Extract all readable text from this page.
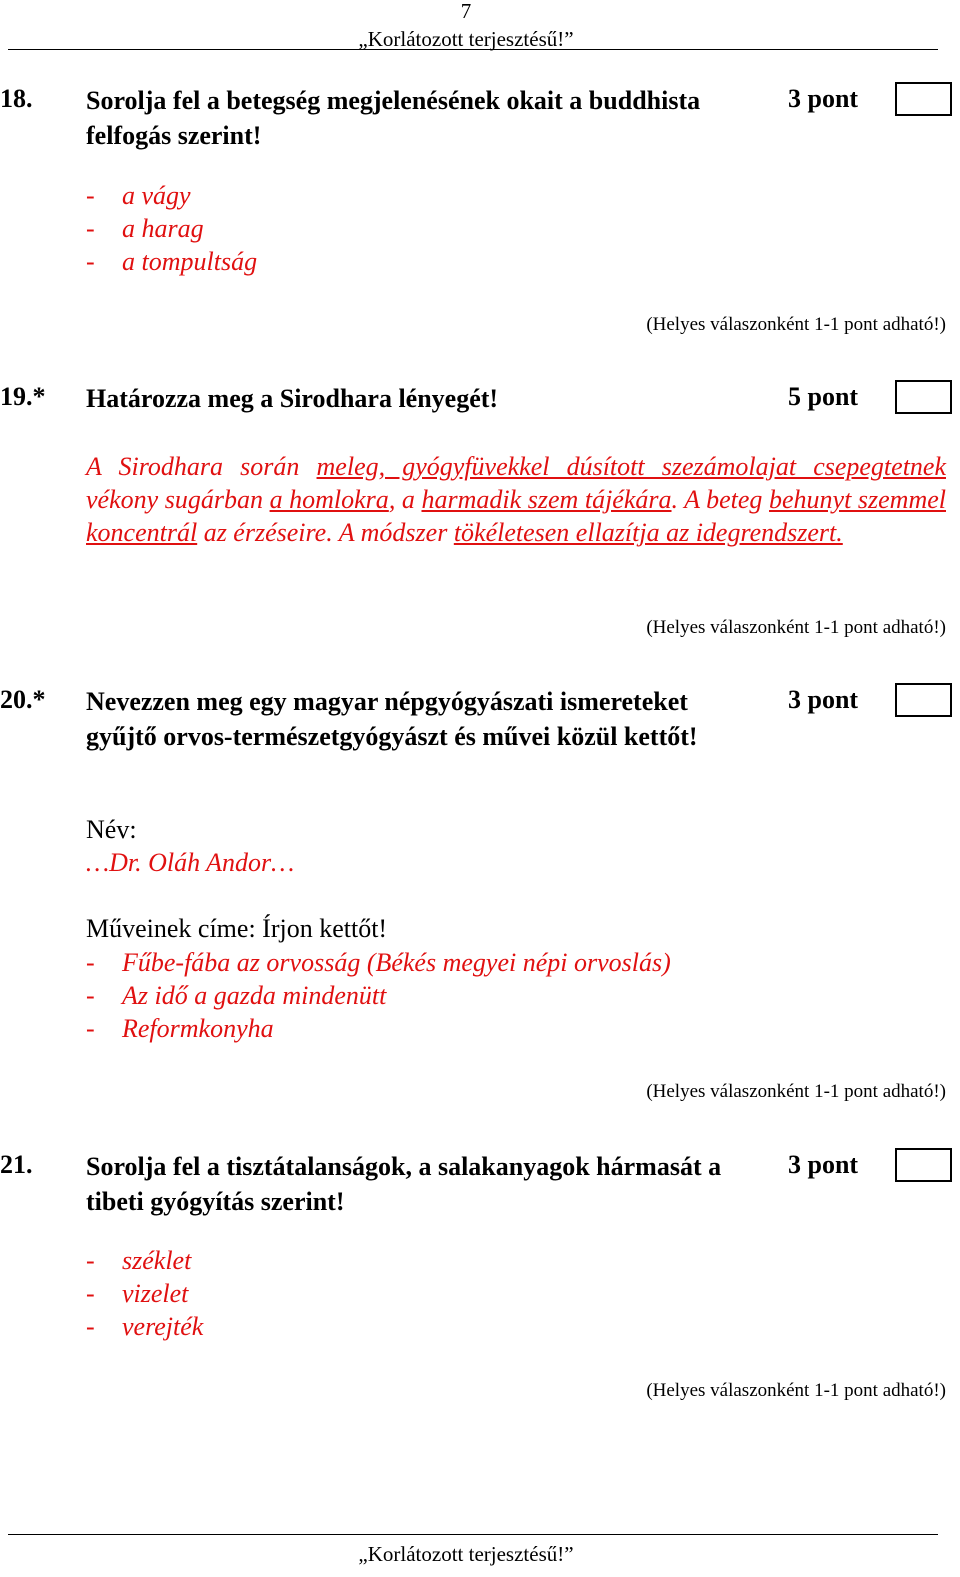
7
„Korlátozott terjesztésű!”
18. Sorolja fel a betegség megjelenésének okait a buddhista felfogás szerint!
3 pont
- a vágy
- a harag
- a tompultság
(Helyes válaszonként 1-1 pont adható!)
19.* Határozza meg a Sirodhara lényegét!	5 pont
A Sirodhara során meleg, gyógyfüvekkel dúsított szezámolajat csepegtetnek vékony sugárban a homlokra, a harmadik szem tájékára. A beteg behunyt szemmel koncentrál az érzéseire. A módszer tökéletesen ellazítja az idegrendszert.
(Helyes válaszonként 1-1 pont adható!)
20.* Nevezzen meg egy magyar népgyógyászati ismereteket gyűjtő orvos-természetgyógyászt és művei közül kettőt!
3 pont
Név:
…Dr. Oláh Andor…
Műveinek címe: Írjon kettőt!
- Fűbe-fába az orvosság (Békés megyei népi orvoslás)
- Az idő a gazda mindenütt
- Reformkonyha
(Helyes válaszonként 1-1 pont adható!)
21. Sorolja fel a tisztátalanságok, a salakanyagok hármasát a tibeti gyógyítás szerint!
3 pont
- széklet
- vizelet
- verejték
(Helyes válaszonként 1-1 pont adható!)
„Korlátozott terjesztésű!”
